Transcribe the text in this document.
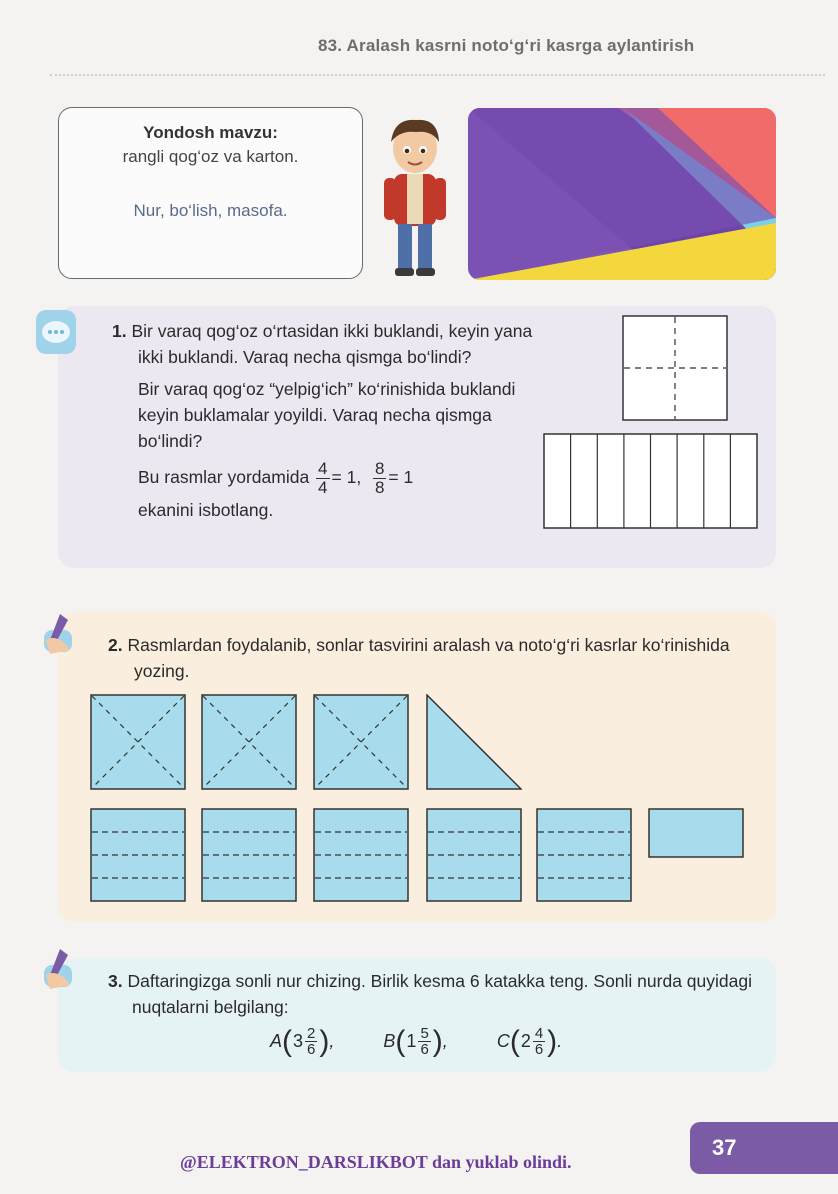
83. Aralash kasrni noto‘g‘ri kasrga aylantirish
Yondosh mavzu:
rangli qog‘oz va karton.
Nur, bo‘lish, masofa.
1. Bir varaq qog‘oz o‘rtasidan ikki buklandi, keyin yana ikki buklandi. Varaq necha qismga bo‘lindi?
Bir varaq qog‘oz “yelpig‘ich” ko‘rinishida buklandi keyin buklamalar yoyildi. Varaq necha qismga bo‘lindi?
Bu rasmlar yordamida $\frac{4}{4} = 1$, $\frac{8}{8} = 1$
ekanini isbotlang.
2. Rasmlardan foydalanib, sonlar tasvirini aralash va noto‘g‘ri kasrlar ko‘rinishida yozing.
3. Daftaringizga sonli nur chizing. Birlik kesma 6 katakka teng. Sonli nurda quyidagi nuqtalarni belgilang:
A ( $3 \frac{2}{6}$ ) ,
	B ( $1 \frac{5}{6}$ ) ,
	C ( $2 \frac{4}{6}$ ) .
37
@ELEKTRON_DARSLIKBOT dan yuklab olindi.
